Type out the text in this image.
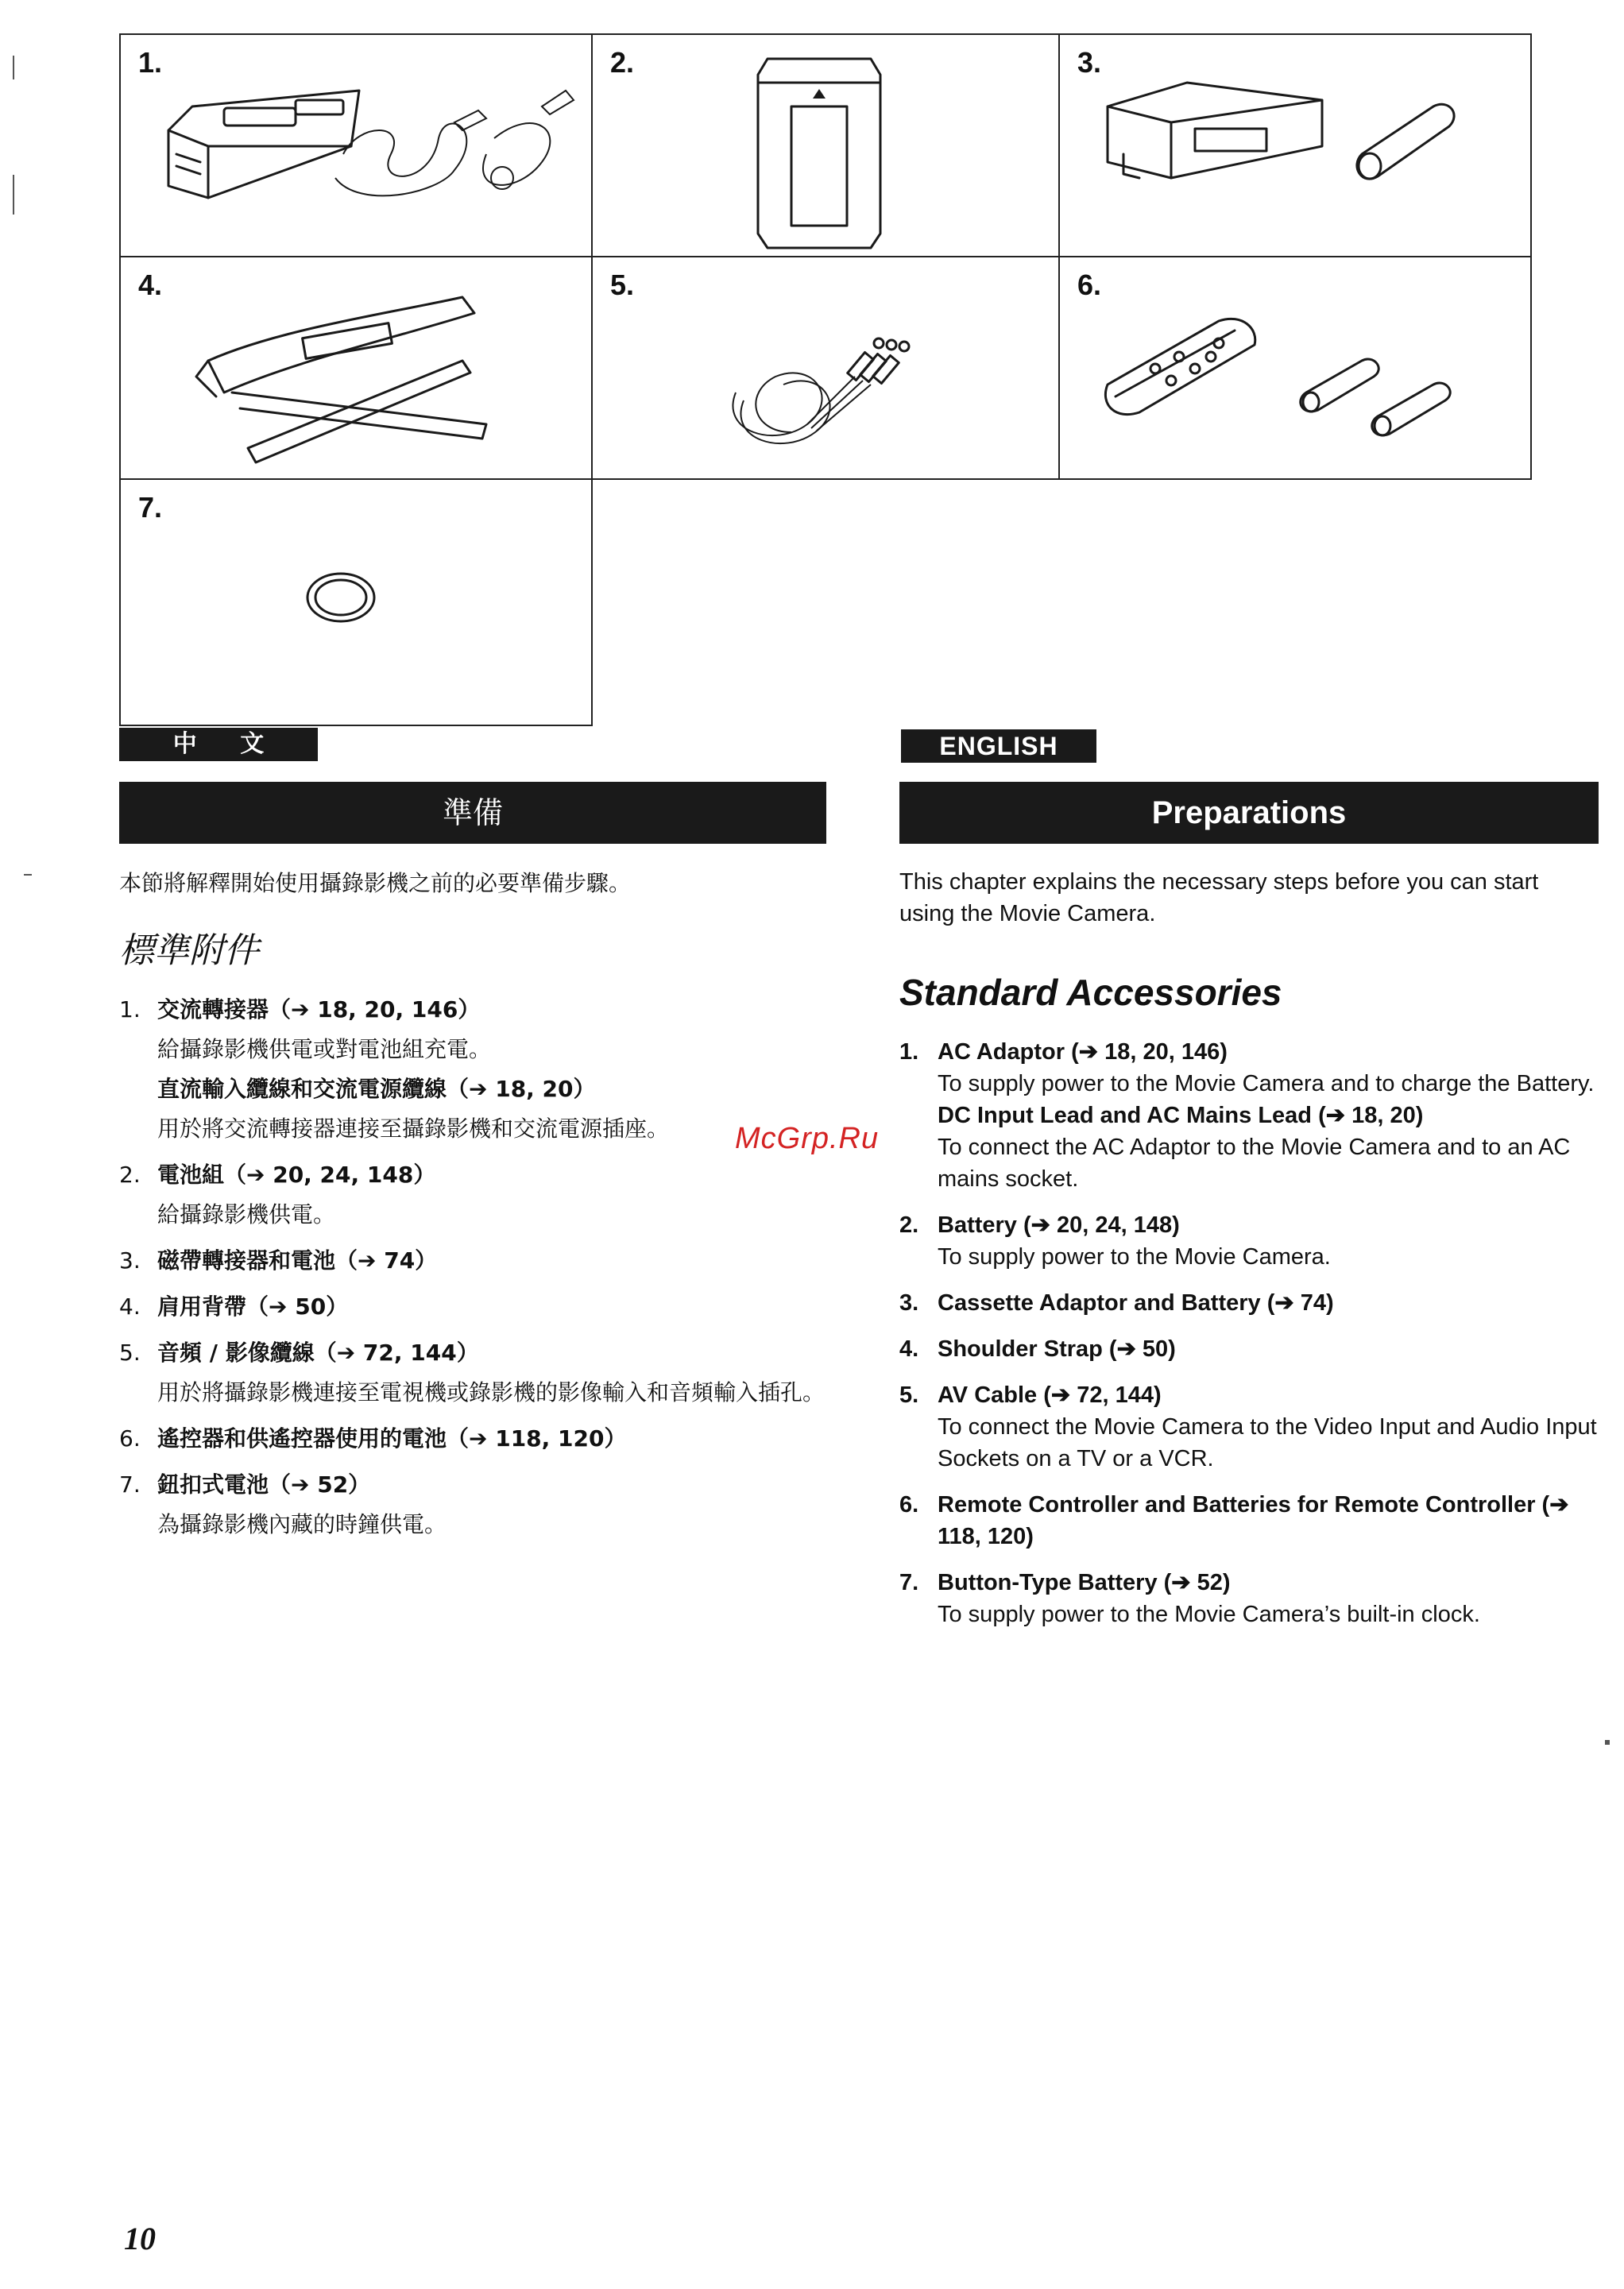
1.	2.	3.
4.	5.	6.
7.
中 文	ENGLISH
準備	Preparations

本節將解釋開始使用攝錄影機之前的必要準備步驟。

標準附件
1. 交流轉接器（➔ 18, 20, 146）
給攝錄影機供電或對電池組充電。
直流輸入纜線和交流電源纜線（➔ 18, 20）
用於將交流轉接器連接至攝錄影機和交流電源插座。
2. 電池組（➔ 20, 24, 148）
給攝錄影機供電。
3. 磁帶轉接器和電池（➔ 74）
4. 肩用背帶（➔ 50）
5. 音頻 / 影像纜線（➔ 72, 144）
用於將攝錄影機連接至電視機或錄影機的影像輸入和音頻輸入插孔。
6. 遙控器和供遙控器使用的電池（➔ 118, 120）
7. 鈕扣式電池（➔ 52）
為攝錄影機內藏的時鐘供電。

This chapter explains the necessary steps before you can start using the Movie Camera.

Standard Accessories
1. AC Adaptor (➔ 18, 20, 146)
To supply power to the Movie Camera and to charge the Battery.
DC Input Lead and AC Mains Lead (➔ 18, 20)
To connect the AC Adaptor to the Movie Camera and to an AC mains socket.
2. Battery (➔ 20, 24, 148)
To supply power to the Movie Camera.
3. Cassette Adaptor and Battery (➔ 74)
4. Shoulder Strap (➔ 50)
5. AV Cable (➔ 72, 144)
To connect the Movie Camera to the Video Input and Audio Input Sockets on a TV or a VCR.
6. Remote Controller and Batteries for Remote Controller (➔ 118, 120)
7. Button-Type Battery (➔ 52)
To supply power to the Movie Camera’s built-in clock.
McGrp.Ru
10
